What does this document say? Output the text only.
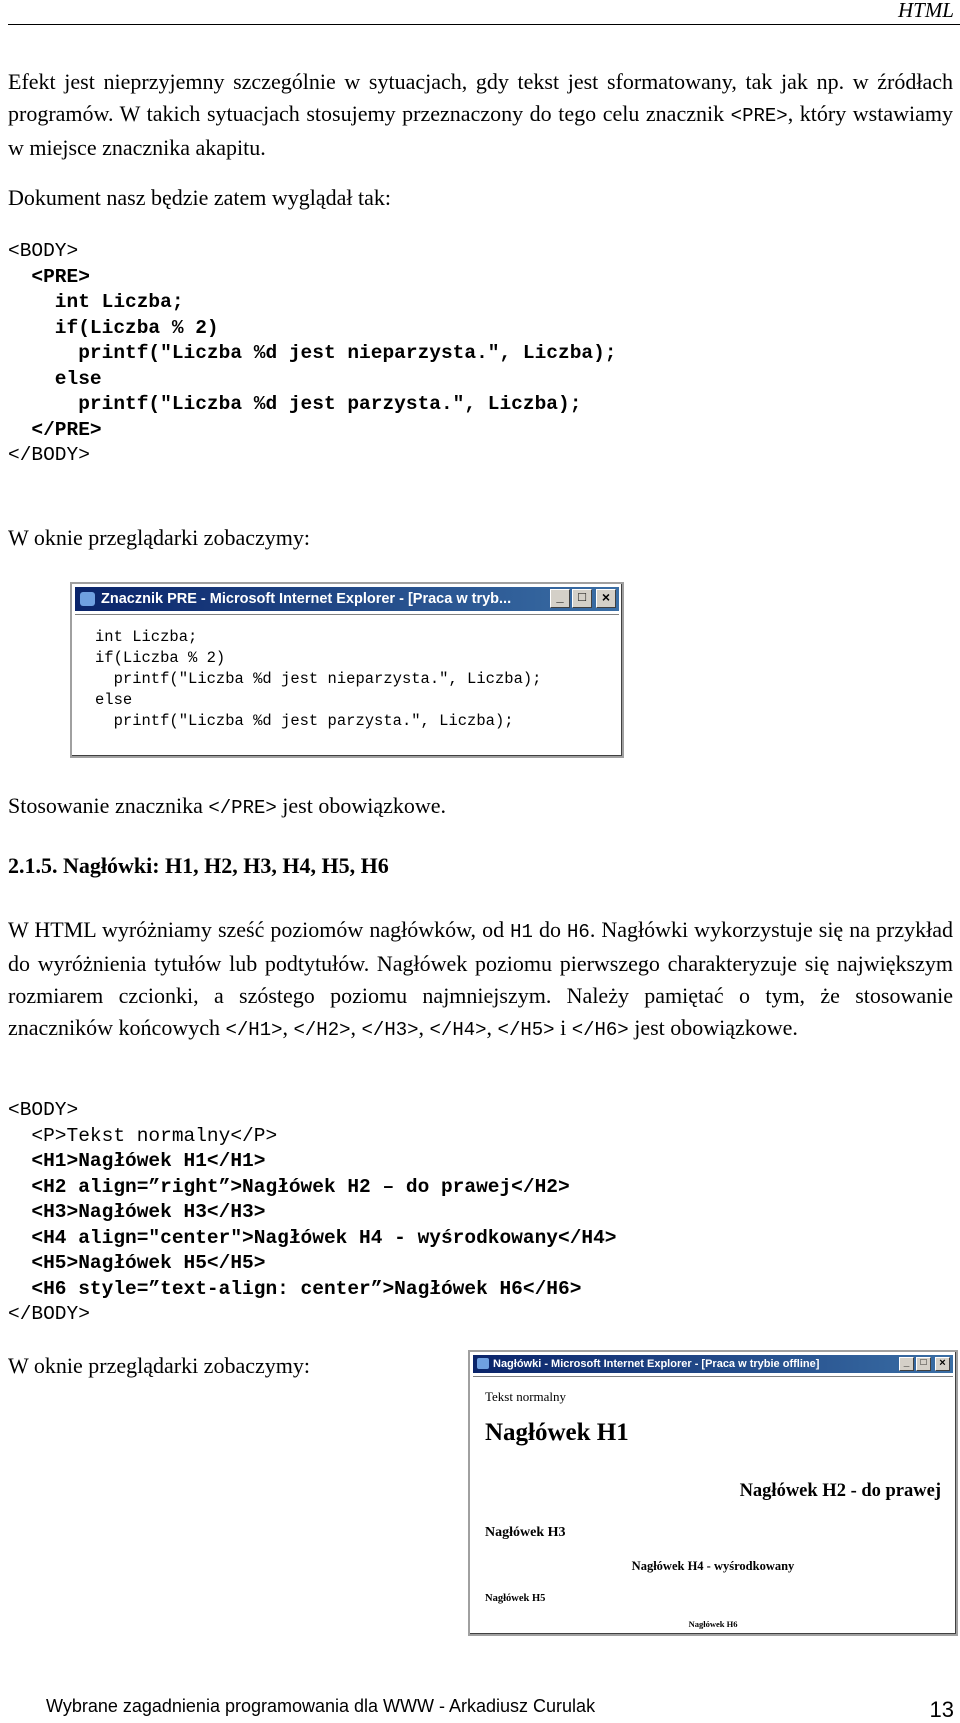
HTML
Efekt jest nieprzyjemny szczególnie w sytuacjach, gdy tekst jest sformatowany, tak jak np. w źródłach programów. W takich sytuacjach stosujemy przeznaczony do tego celu znacznik <PRE>, który wstawiamy w miejsce znacznika akapitu.
Dokument nasz będzie zatem wyglądał tak:
<BODY>
<PRE>
int Liczba;
if(Liczba % 2)
printf("Liczba %d jest nieparzysta.", Liczba);
else
printf("Liczba %d jest parzysta.", Liczba);
</PRE>
</BODY>
W oknie przeglądarki zobaczymy:
Znacznik PRE - Microsoft Internet Explorer - [Praca w tryb...	_	□	×
int Liczba;
if(Liczba % 2)
printf("Liczba %d jest nieparzysta.", Liczba);
else
printf("Liczba %d jest parzysta.", Liczba);
Stosowanie znacznika </PRE> jest obowiązkowe.
2.1.5. Nagłówki: H1, H2, H3, H4, H5, H6
W HTML wyróżniamy sześć poziomów nagłówków, od H1 do H6. Nagłówki wykorzystuje się na przykład do wyróżnienia tytułów lub podtytułów. Nagłówek poziomu pierwszego charakteryzuje się największym rozmiarem czcionki, a szóstego poziomu najmniejszym. Należy pamiętać o tym, że stosowanie znaczników końcowych </H1>, </H2>, </H3>, </H4>, </H5> i </H6> jest obowiązkowe.
<BODY>
<P>Tekst normalny</P>
<H1>Nagłówek H1</H1>
<H2 align=”right”>Nagłówek H2 – do prawej</H2>
<H3>Nagłówek H3</H3>
<H4 align="center">Nagłówek H4 - wyśrodkowany</H4>
<H5>Nagłówek H5</H5>
<H6 style=”text-align: center”>Nagłówek H6</H6>
</BODY>
W oknie przeglądarki zobaczymy:	Nagłówki - Microsoft Internet Explorer - [Praca w trybie offline]	_	□	×
Tekst normalny
Nagłówek H1
Nagłówek H2 - do prawej
Nagłówek H3
Nagłówek H4 - wyśrodkowany
Nagłówek H5
Nagłówek H6
Wybrane zagadnienia programowania dla WWW - Arkadiusz Curulak	13
